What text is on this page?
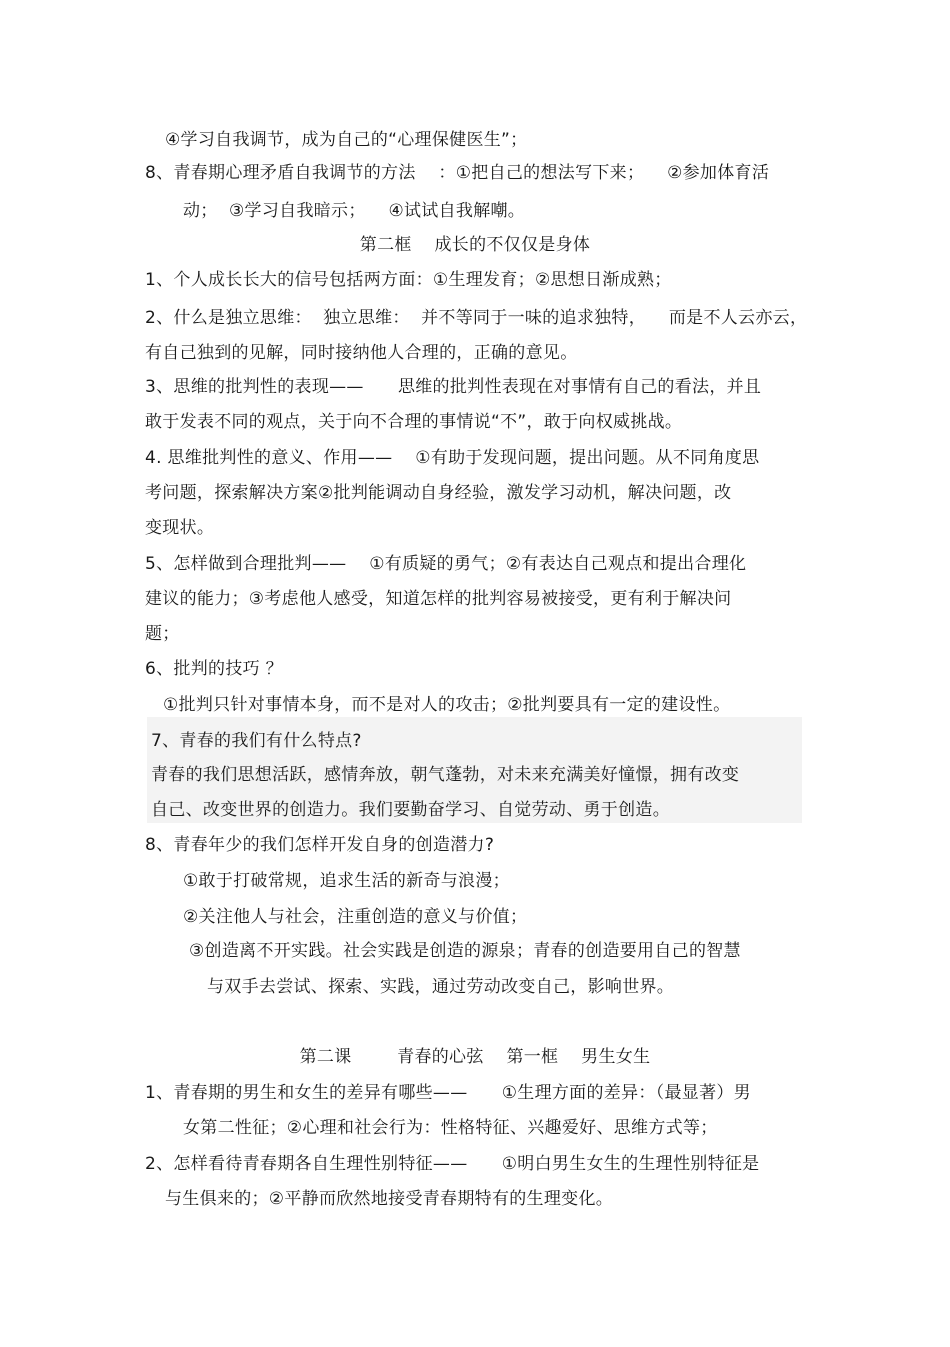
④学习自我调节，成为自己的“心理保健医生”；
8、青春期心理矛盾自我调节的方法    ：①把自己的想法写下来；    ②参加体育活
动；  ③学习自我暗示；    ④试试自我解嘲。
第二框    成长的不仅仅是身体
1、个人成长长大的信号包括两方面：①生理发育；②思想日渐成熟；
2、什么是独立思维：  独立思维：  并不等同于一味的追求独特，    而是不人云亦云，
有自己独到的见解，同时接纳他人合理的，正确的意见。
3、思维的批判性的表现——      思维的批判性表现在对事情有自己的看法，并且
敢于发表不同的观点，关于向不合理的事情说“不”，敢于向权威挑战。
4. 思维批判性的意义、作用——    ①有助于发现问题，提出问题。从不同角度思
考问题，探索解决方案②批判能调动自身经验，激发学习动机，解决问题，改
变现状。
5、怎样做到合理批判——    ①有质疑的勇气；②有表达自己观点和提出合理化
建议的能力；③考虑他人感受，知道怎样的批判容易被接受，更有利于解决问
题；
6、批判的技巧 ？
①批判只针对事情本身，而不是对人的攻击；②批判要具有一定的建设性。
7、青春的我们有什么特点?
青春的我们思想活跃，感情奔放，朝气蓬勃，对未来充满美好憧憬，拥有改变
自己、改变世界的创造力。我们要勤奋学习、自觉劳动、勇于创造。
8、青春年少的我们怎样开发自身的创造潜力?
①敢于打破常规，追求生活的新奇与浪漫；
②关注他人与社会，注重创造的意义与价值；
③创造离不开实践。社会实践是创造的源泉；青春的创造要用自己的智慧
与双手去尝试、探索、实践，通过劳动改变自己，影响世界。
第二课        青春的心弦    第一框    男生女生
1、青春期的男生和女生的差异有哪些——      ①生理方面的差异：（最显著）男
女第二性征；②心理和社会行为：性格特征、兴趣爱好、思维方式等；
2、怎样看待青春期各自生理性别特征——      ①明白男生女生的生理性别特征是
与生俱来的；②平静而欣然地接受青春期特有的生理变化。
